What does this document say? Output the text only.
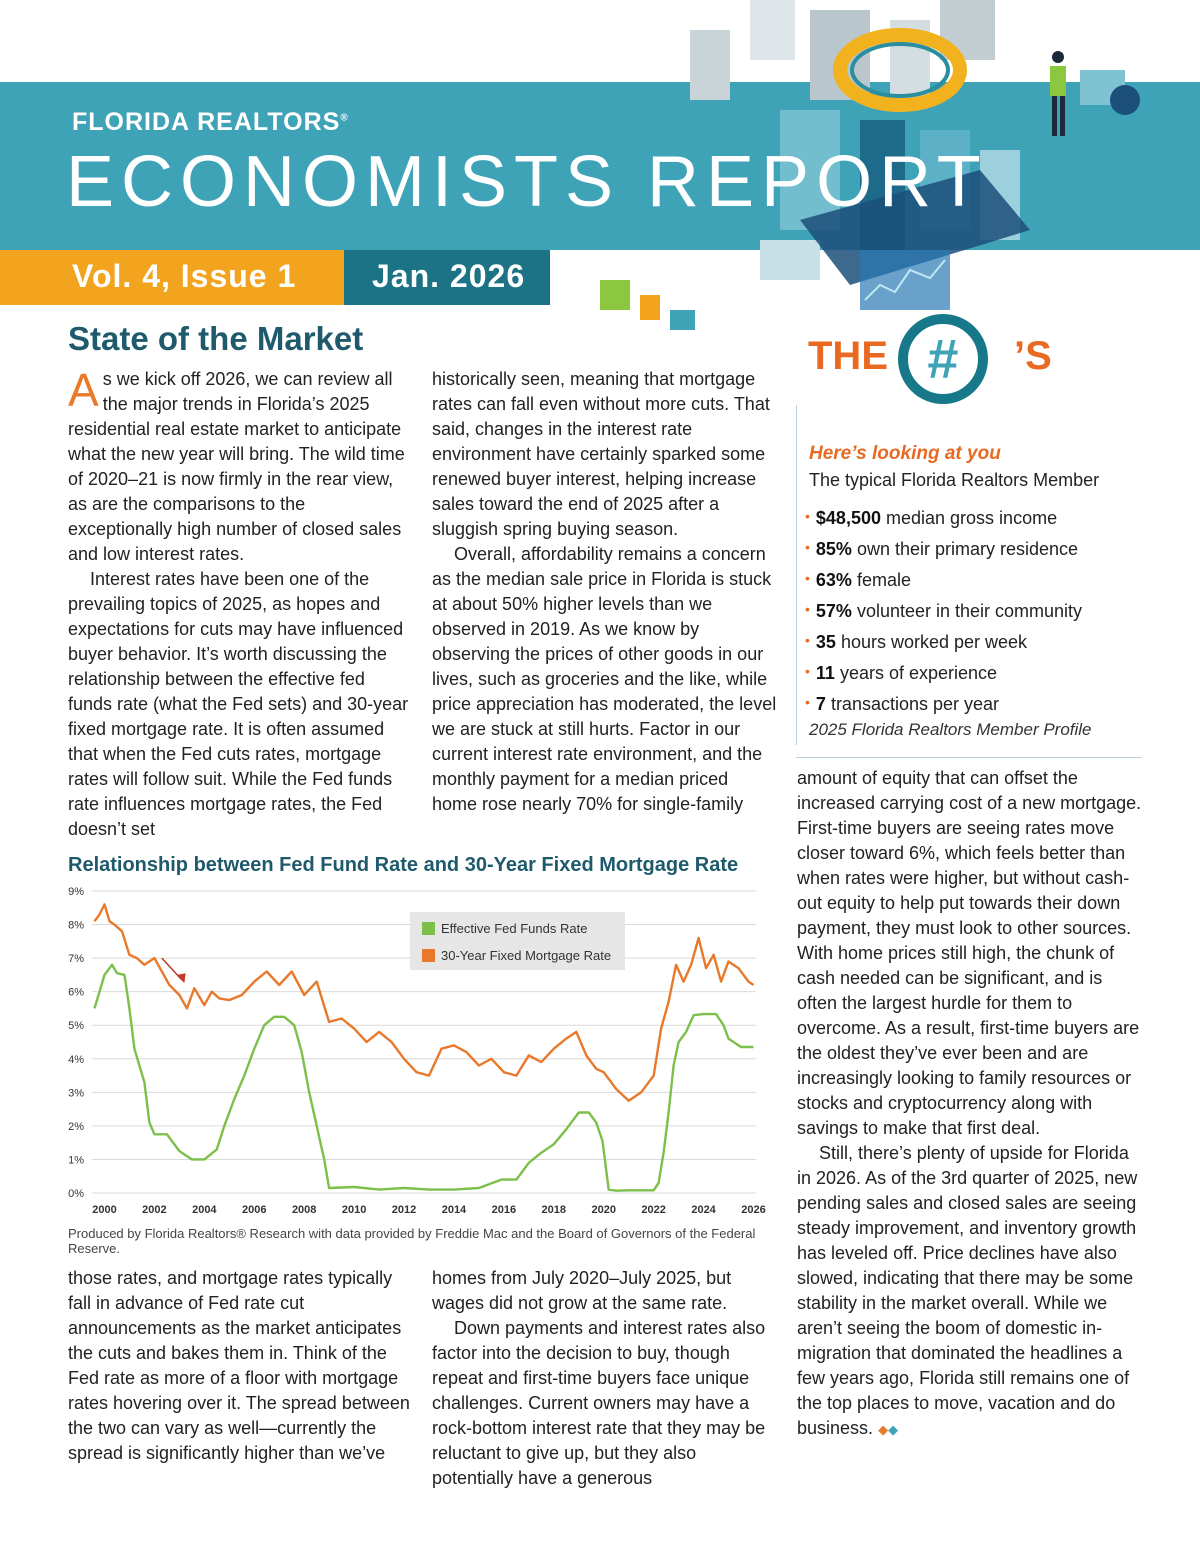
FLORIDA REALTORS®
ECONOMISTS REPORT
Vol. 4, Issue 1 Jan. 2026
State of the Market

As we kick off 2026, we can review all the major trends in Florida’s 2025 residential real estate market to anticipate what the new year will bring. The wild time of 2020–21 is now firmly in the rear view, as are the comparisons to the exceptionally high number of closed sales and low interest rates.

Interest rates have been one of the prevailing topics of 2025, as hopes and expectations for cuts may have influenced buyer behavior. It’s worth discussing the relationship between the effective fed funds rate (what the Fed sets) and 30-year fixed mortgage rate. It is often assumed that when the Fed cuts rates, mortgage rates will follow suit. While the Fed funds rate influences mortgage rates, the Fed doesn’t set

historically seen, meaning that mortgage rates can fall even without more cuts. That said, changes in the interest rate environment have certainly sparked some renewed buyer interest, helping increase sales toward the end of 2025 after a sluggish spring buying season.

Overall, affordability remains a concern as the median sale price in Florida is stuck at about 50% higher levels than we observed in 2019. As we know by observing the prices of other goods in our lives, such as groceries and the like, while price appreciation has moderated, the level we are stuck at still hurts. Factor in our current interest rate environment, and the monthly payment for a median priced home rose nearly 70% for single-family

THE #	’S
Here’s looking at you
The typical Florida Realtors Member
• $48,500 median gross income
• 85% own their primary residence
• 63% female
• 57% volunteer in their community
• 35 hours worked per week
• 11 years of experience
• 7 transactions per year
2025 Florida Realtors Member Profile

amount of equity that can offset the increased carrying cost of a new mortgage. First-time buyers are seeing rates move closer toward 6%, which feels better than when rates were higher, but without cash-out equity to help put towards their down payment, they must look to other sources. With home prices still high, the chunk of cash needed can be significant, and is often the largest hurdle for them to overcome. As a result, first-time buyers are the oldest they’ve ever been and are increasingly looking to family resources or stocks and cryptocurrency along with savings to make that first deal.

Still, there’s plenty of upside for Florida in 2026. As of the 3rd quarter of 2025, new pending sales and closed sales are seeing steady improvement, and inventory growth has leveled off. Price declines have also slowed, indicating that there may be some stability in the market overall. While we aren’t seeing the boom of domestic in-migration that dominated the headlines a few years ago, Florida still remains one of the top places to move, vacation and do business. ◆◆

Relationship between Fed Fund Rate and 30-Year Fixed Mortgage Rate
0%
1%
2%
3%
4%
5%
6%
7%
8%
9%
2000 2002 2004 2006 2008 2010 2012 2014 2016 2018 2020 2022 2024 2026
Effective Fed Funds Rate
30-Year Fixed Mortgage Rate
Produced by Florida Realtors® Research with data provided by Freddie Mac and the Board of Governors of the Federal Reserve.

those rates, and mortgage rates typically fall in advance of Fed rate cut announcements as the market anticipates the cuts and bakes them in. Think of the Fed rate as more of a floor with mortgage rates hovering over it. The spread between the two can vary as well—currently the spread is significantly higher than we’ve

homes from July 2020–July 2025, but wages did not grow at the same rate.

Down payments and interest rates also factor into the decision to buy, though repeat and first-time buyers face unique challenges. Current owners may have a rock-bottom interest rate that they may be reluctant to give up, but they also potentially have a generous
